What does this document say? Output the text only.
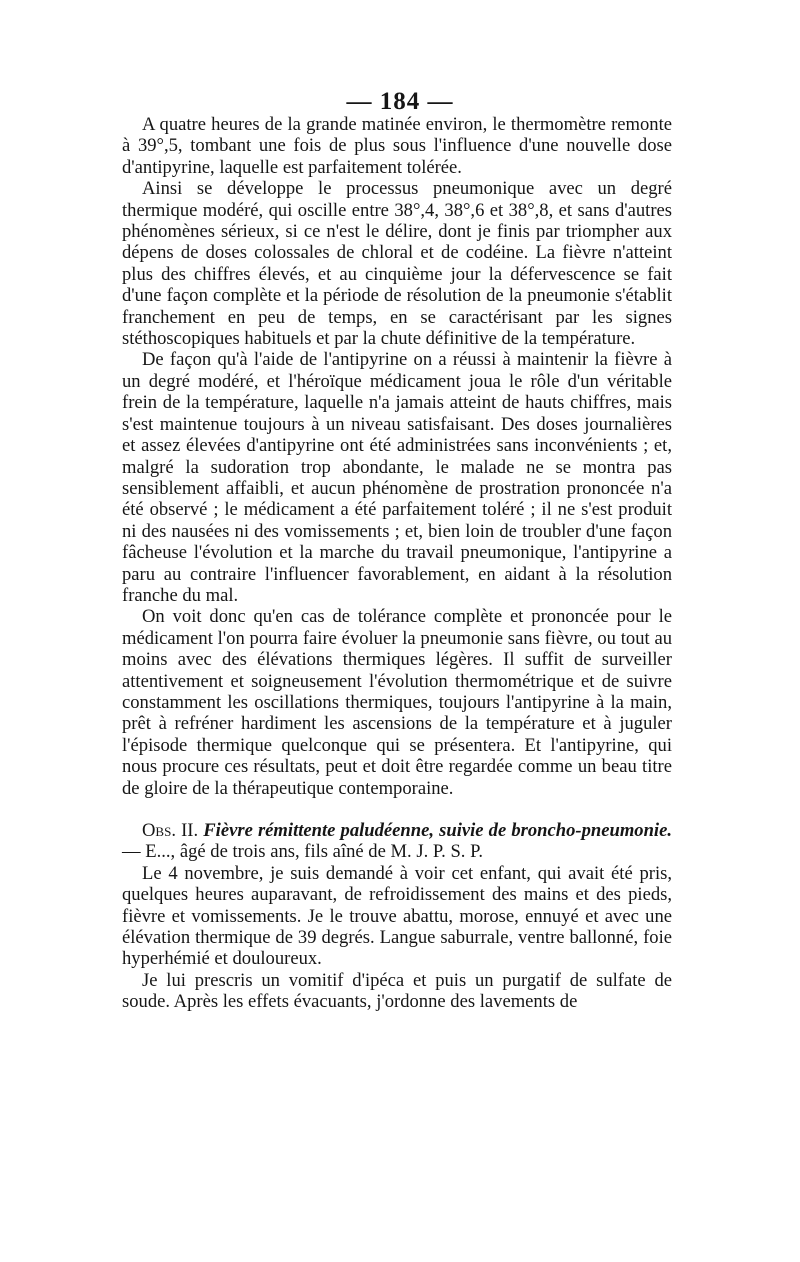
— 184 —

A quatre heures de la grande matinée environ, le thermomètre remonte à 39°,5, tombant une fois de plus sous l'influence d'une nouvelle dose d'antipyrine, laquelle est parfaitement tolérée.

Ainsi se développe le processus pneumonique avec un degré thermique modéré, qui oscille entre 38°,4, 38°,6 et 38°,8, et sans d'autres phénomènes sérieux, si ce n'est le délire, dont je finis par triompher aux dépens de doses colossales de chloral et de codéine. La fièvre n'atteint plus des chiffres élevés, et au cinquième jour la défervescence se fait d'une façon complète et la période de résolution de la pneumonie s'établit franchement en peu de temps, en se caractérisant par les signes stéthoscopiques habituels et par la chute définitive de la température.

De façon qu'à l'aide de l'antipyrine on a réussi à maintenir la fièvre à un degré modéré, et l'héroïque médicament joua le rôle d'un véritable frein de la température, laquelle n'a jamais atteint de hauts chiffres, mais s'est maintenue toujours à un niveau satisfaisant. Des doses journalières et assez élevées d'antipyrine ont été administrées sans inconvénients ; et, malgré la sudoration trop abondante, le malade ne se montra pas sensiblement affaibli, et aucun phénomène de prostration prononcée n'a été observé ; le médicament a été parfaitement toléré ; il ne s'est produit ni des nausées ni des vomissements ; et, bien loin de troubler d'une façon fâcheuse l'évolution et la marche du travail pneumonique, l'antipyrine a paru au contraire l'influencer favorablement, en aidant à la résolution franche du mal.

On voit donc qu'en cas de tolérance complète et prononcée pour le médicament l'on pourra faire évoluer la pneumonie sans fièvre, ou tout au moins avec des élévations thermiques légères. Il suffit de surveiller attentivement et soigneusement l'évolution thermométrique et de suivre constamment les oscillations thermiques, toujours l'antipyrine à la main, prêt à refréner hardiment les ascensions de la température et à juguler l'épisode thermique quelconque qui se présentera. Et l'antipyrine, qui nous procure ces résultats, peut et doit être regardée comme un beau titre de gloire de la thérapeutique contemporaine.

Obs. II. Fièvre rémittente paludéenne, suivie de broncho-pneumonie. — E..., âgé de trois ans, fils aîné de M. J. P. S. P.

Le 4 novembre, je suis demandé à voir cet enfant, qui avait été pris, quelques heures auparavant, de refroidissement des mains et des pieds, fièvre et vomissements. Je le trouve abattu, morose, ennuyé et avec une élévation thermique de 39 degrés. Langue saburrale, ventre ballonné, foie hyperhémié et douloureux.

Je lui prescris un vomitif d'ipéca et puis un purgatif de sulfate de soude. Après les effets évacuants, j'ordonne des lavements de
